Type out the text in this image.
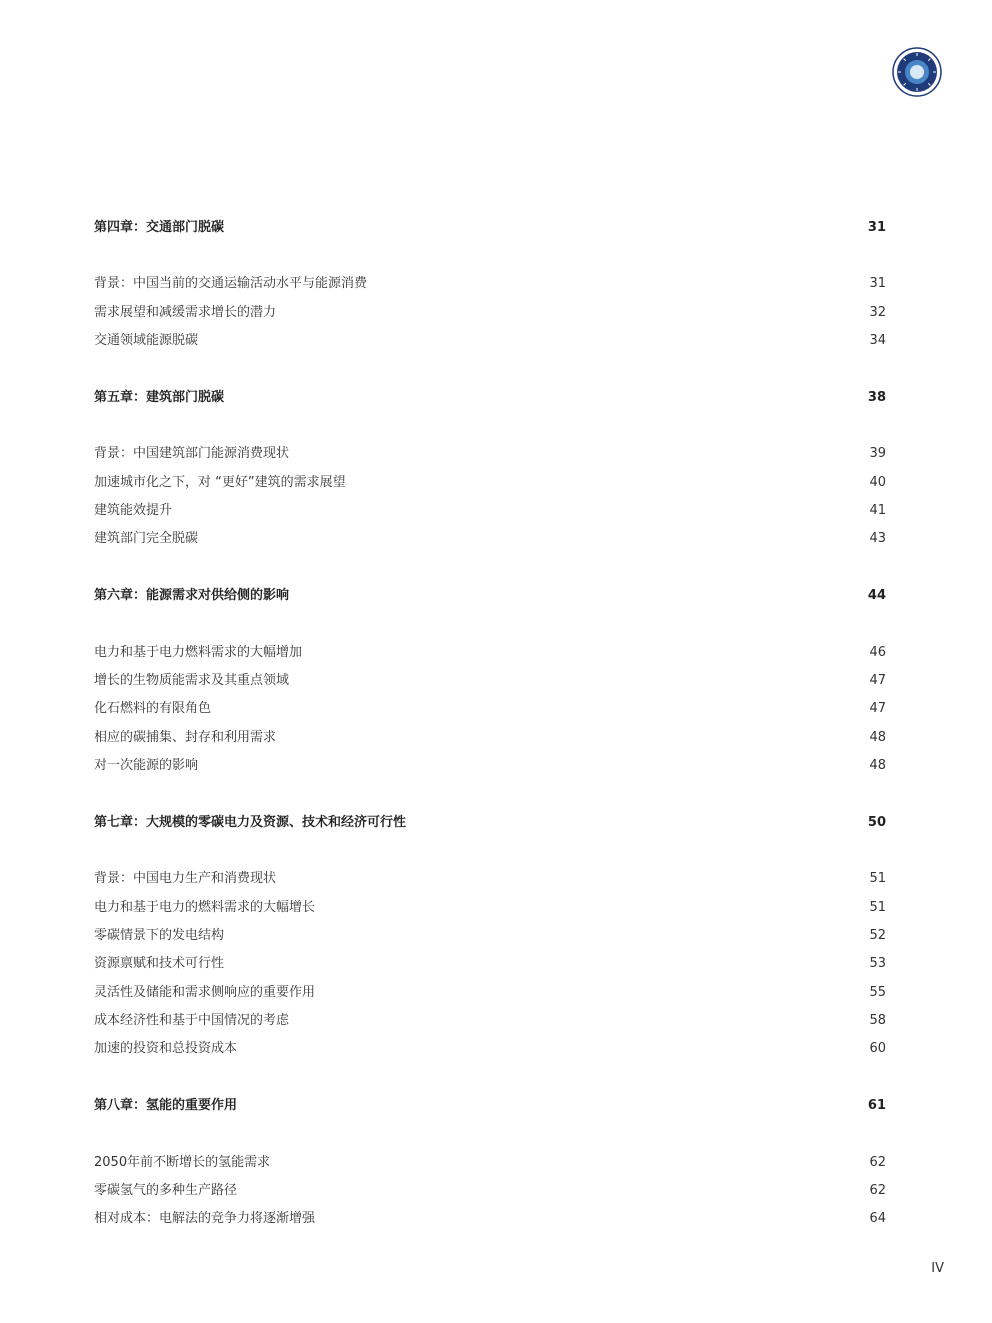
第四章：交通部门脱碳	31
背景：中国当前的交通运输活动水平与能源消费	31
需求展望和减缓需求增长的潜力	32
交通领域能源脱碳	34
第五章：建筑部门脱碳	38
背景：中国建筑部门能源消费现状	39
加速城市化之下，对 “更好”建筑的需求展望	40
建筑能效提升	41
建筑部门完全脱碳	43
第六章：能源需求对供给侧的影响	44
电力和基于电力燃料需求的大幅增加	46
增长的生物质能需求及其重点领域	47
化石燃料的有限角色	47
相应的碳捕集、封存和利用需求	48
对一次能源的影响	48
第七章：大规模的零碳电力及资源、技术和经济可行性	50
背景：中国电力生产和消费现状	51
电力和基于电力的燃料需求的大幅增长	51
零碳情景下的发电结构	52
资源禀赋和技术可行性	53
灵活性及储能和需求侧响应的重要作用	55
成本经济性和基于中国情况的考虑	58
加速的投资和总投资成本	60
第八章：氢能的重要作用	61
2050年前不断增长的氢能需求	62
零碳氢气的多种生产路径	62
相对成本：电解法的竞争力将逐渐增强	64
IV
